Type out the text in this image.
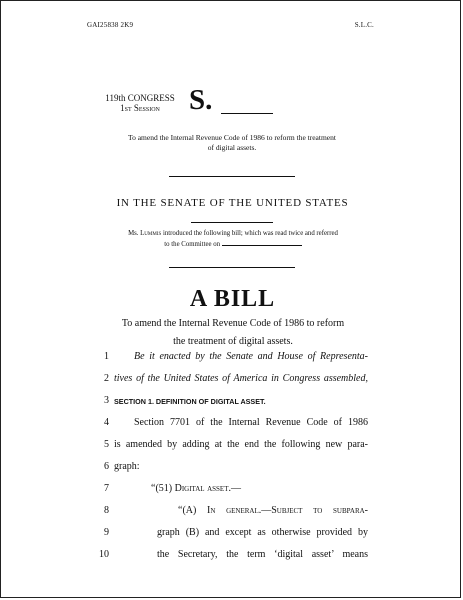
GAI25838 2K9	S.L.C.
119th CONGRESS
1st Session	S.
To amend the Internal Revenue Code of 1986 to reform the treatment
of digital assets.
IN THE SENATE OF THE UNITED STATES
Ms. Lummis introduced the following bill; which was read twice and referred
to the Committee on
A BILL
To amend the Internal Revenue Code of 1986 to reform
the treatment of digital assets.
1	Be it enacted by the Senate and House of Representa-
2 tives of the United States of America in Congress assembled,
3 SECTION 1. DEFINITION OF DIGITAL ASSET.
4	Section 7701 of the Internal Revenue Code of 1986
5 is amended by adding at the end the following new para-
6 graph:
7	“(51) Digital asset.—
8	“(A) In general.—Subject to subpara-
9	graph (B) and except as otherwise provided by
10	the Secretary, the term ‘digital asset’ means
